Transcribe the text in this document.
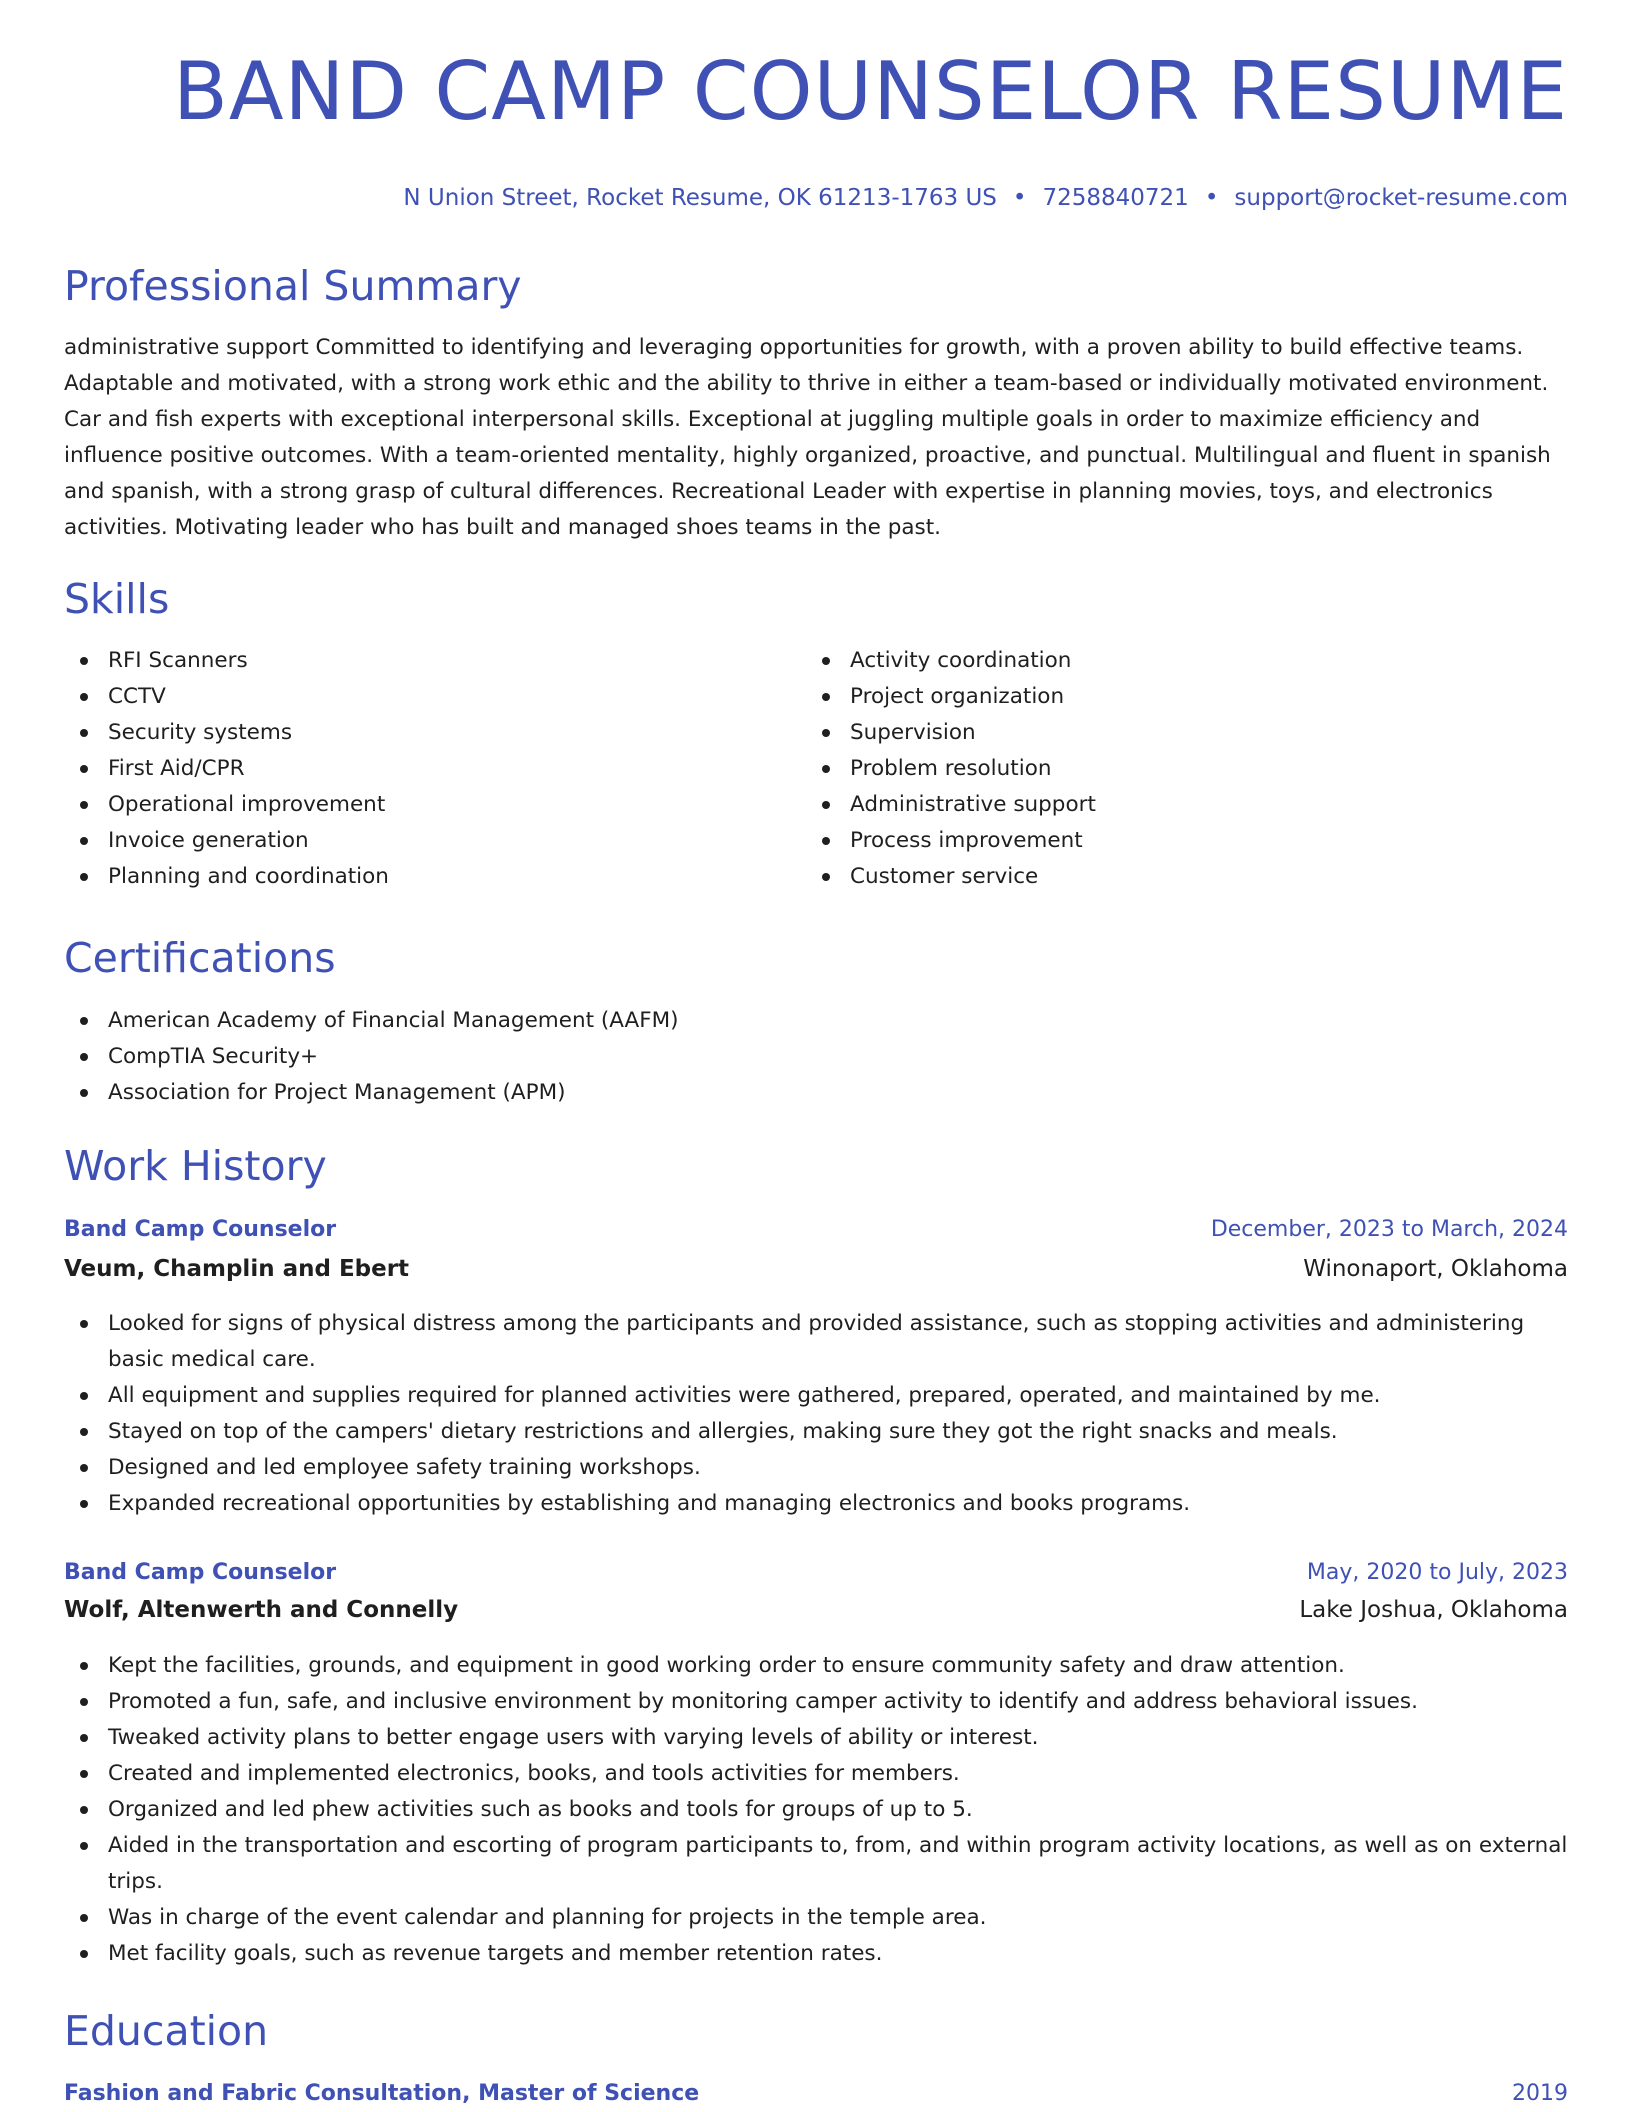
BAND CAMP COUNSELOR RESUME
N Union Street, Rocket Resume, OK 61213-1763 US • 7258840721 • support@rocket-resume.com
Professional Summary

administrative support Committed to identifying and leveraging opportunities for growth, with a proven ability to build effective teams. Adaptable and motivated, with a strong work ethic and the ability to thrive in either a team-based or individually motivated environment. Car and fish experts with exceptional interpersonal skills. Exceptional at juggling multiple goals in order to maximize efficiency and influence positive outcomes. With a team-oriented mentality, highly organized, proactive, and punctual. Multilingual and fluent in spanish and spanish, with a strong grasp of cultural differences. Recreational Leader with expertise in planning movies, toys, and electronics activities. Motivating leader who has built and managed shoes teams in the past.

Skills
RFI Scanners
CCTV
Security systems
First Aid/CPR
Operational improvement
Invoice generation
Planning and coordination
Activity coordination
Project organization
Supervision
Problem resolution
Administrative support
Process improvement
Customer service
Certifications
American Academy of Financial Management (AAFM)
CompTIA Security+
Association for Project Management (APM)
Work History
Band Camp Counselor	December, 2023 to March, 2024
Veum, Champlin and Ebert	Winonaport, Oklahoma
Looked for signs of physical distress among the participants and provided assistance, such as stopping activities and administering basic medical care.
All equipment and supplies required for planned activities were gathered, prepared, operated, and maintained by me.
Stayed on top of the campers' dietary restrictions and allergies, making sure they got the right snacks and meals.
Designed and led employee safety training workshops.
Expanded recreational opportunities by establishing and managing electronics and books programs.
Band Camp Counselor	May, 2020 to July, 2023
Wolf, Altenwerth and Connelly	Lake Joshua, Oklahoma
Kept the facilities, grounds, and equipment in good working order to ensure community safety and draw attention.
Promoted a fun, safe, and inclusive environment by monitoring camper activity to identify and address behavioral issues.
Tweaked activity plans to better engage users with varying levels of ability or interest.
Created and implemented electronics, books, and tools activities for members.
Organized and led phew activities such as books and tools for groups of up to 5.
Aided in the transportation and escorting of program participants to, from, and within program activity locations, as well as on external trips.
Was in charge of the event calendar and planning for projects in the temple area.
Met facility goals, such as revenue targets and member retention rates.
Education
Fashion and Fabric Consultation, Master of Science	2019
